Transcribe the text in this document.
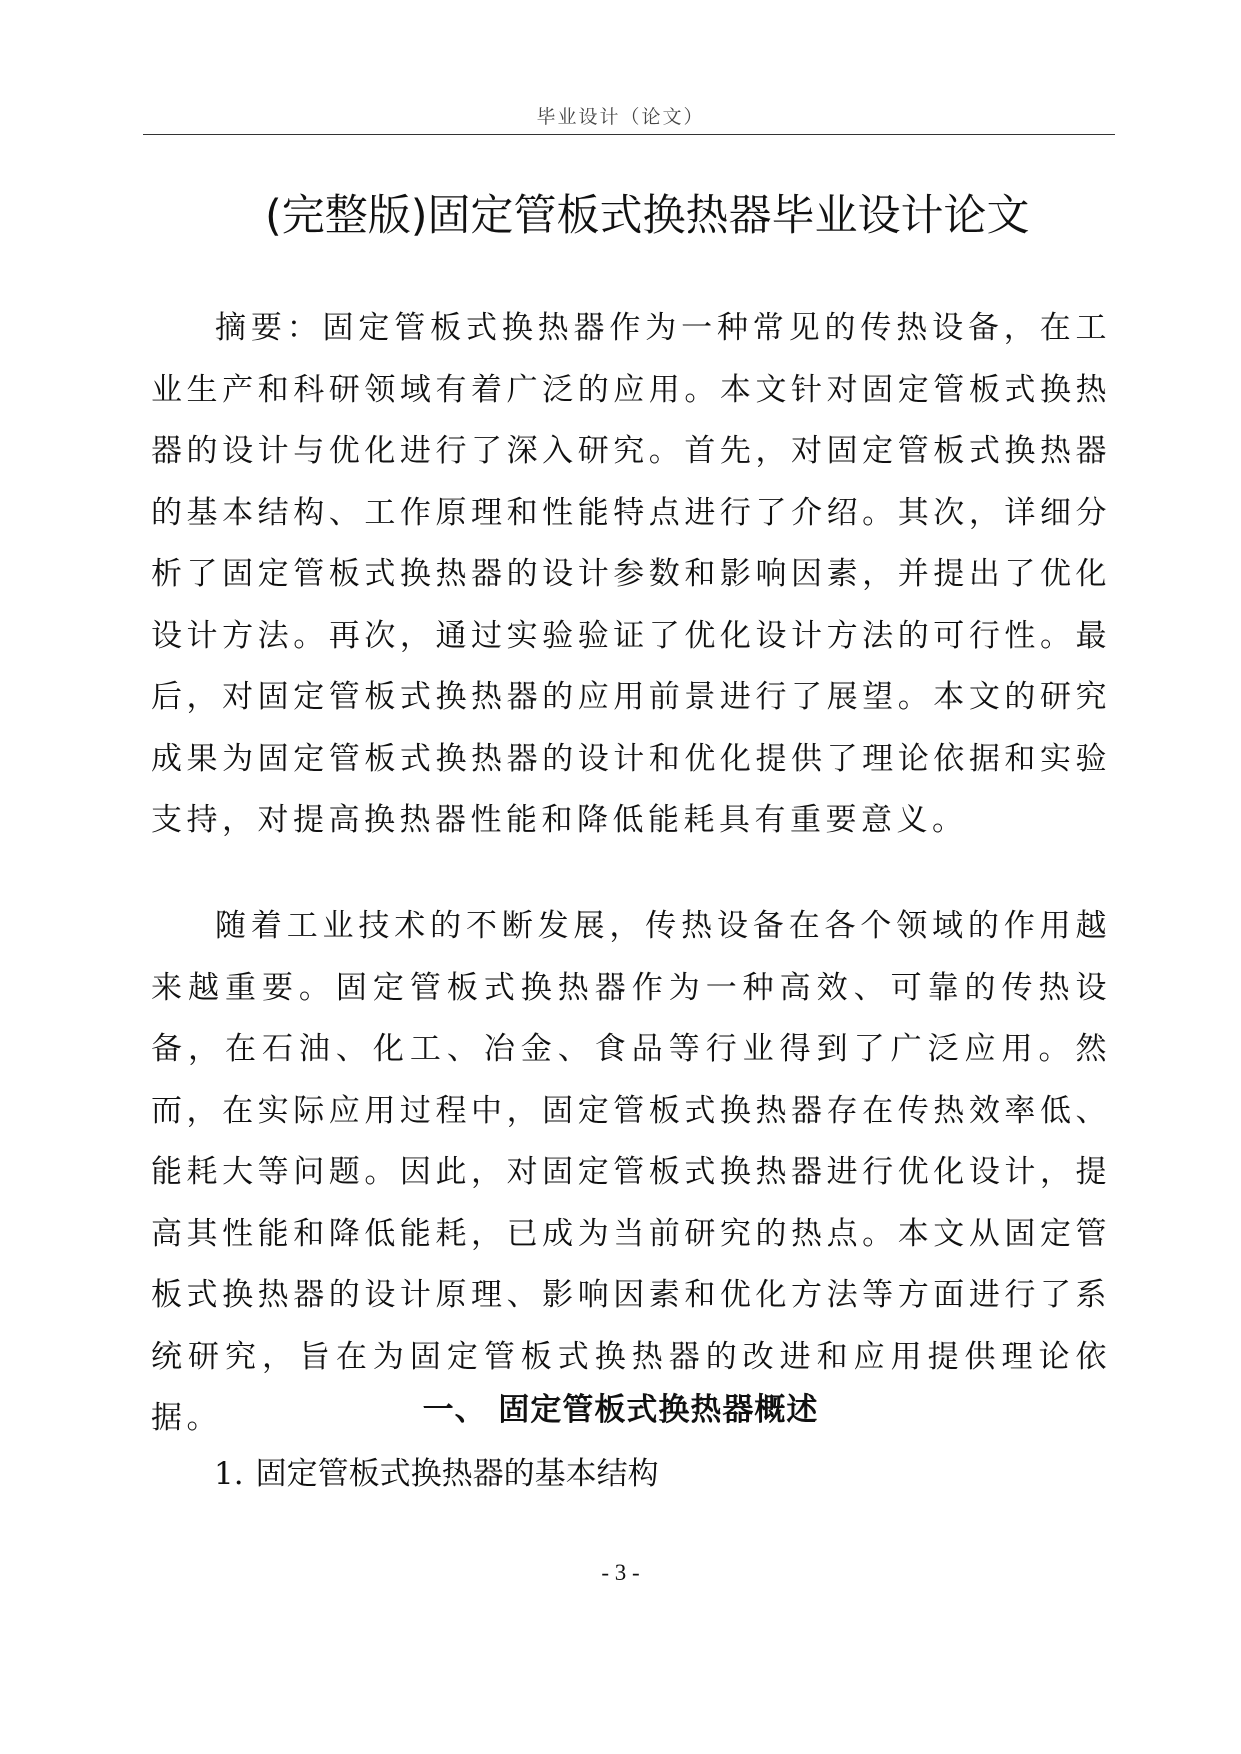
毕业设计（论文）
(完整版)固定管板式换热器毕业设计论文

摘要：固定管板式换热器作为一种常见的传热设备，在工业生产和科研领域有着广泛的应用。本文针对固定管板式换热器的设计与优化进行了深入研究。首先，对固定管板式换热器的基本结构、工作原理和性能特点进行了介绍。其次，详细分析了固定管板式换热器的设计参数和影响因素，并提出了优化设计方法。再次，通过实验验证了优化设计方法的可行性。最后，对固定管板式换热器的应用前景进行了展望。本文的研究成果为固定管板式换热器的设计和优化提供了理论依据和实验支持，对提高换热器性能和降低能耗具有重要意义。

随着工业技术的不断发展，传热设备在各个领域的作用越来越重要。固定管板式换热器作为一种高效、可靠的传热设备，在石油、化工、冶金、食品等行业得到了广泛应用。然而，在实际应用过程中，固定管板式换热器存在传热效率低、能耗大等问题。因此，对固定管板式换热器进行优化设计，提高其性能和降低能耗，已成为当前研究的热点。本文从固定管板式换热器的设计原理、影响因素和优化方法等方面进行了系统研究，旨在为固定管板式换热器的改进和应用提供理论依据。	一、 固定管板式换热器概述
1. 固定管板式换热器的基本结构
- 3 -
